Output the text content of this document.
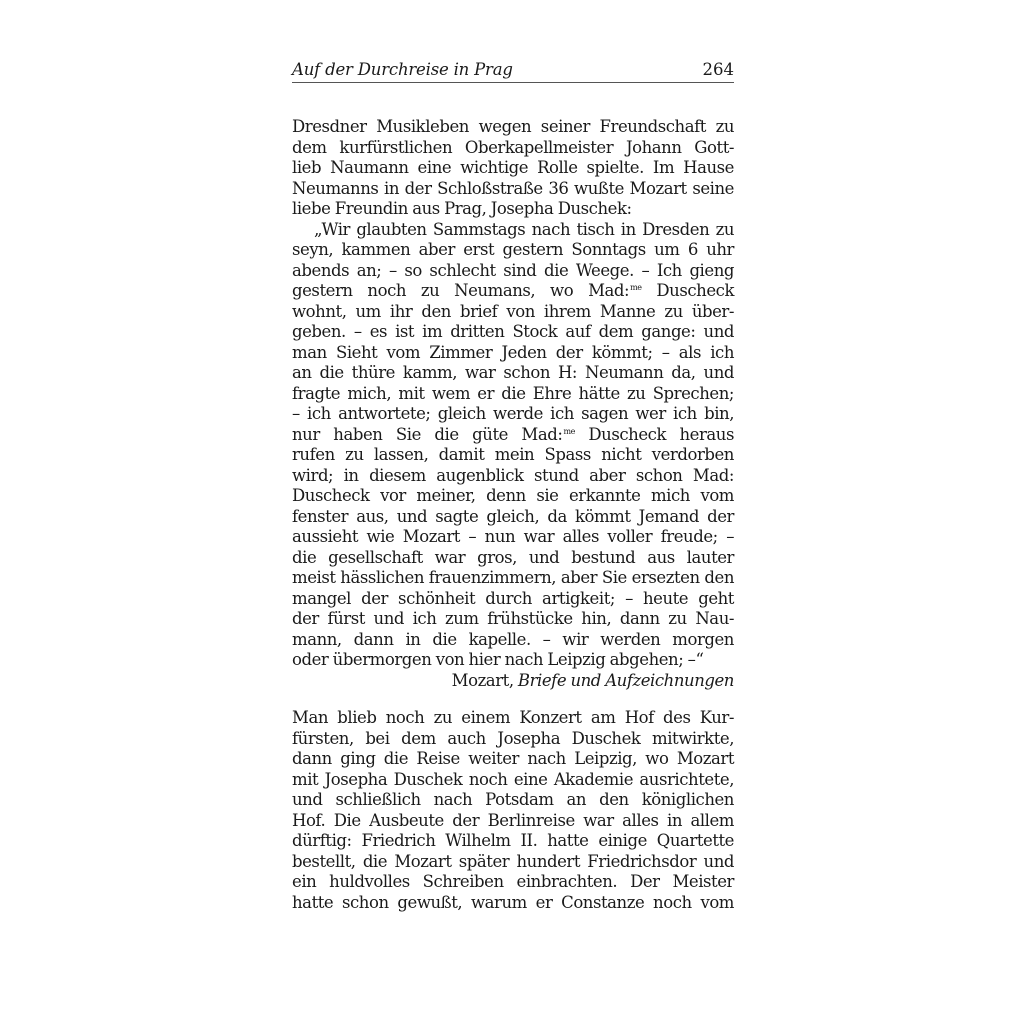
Auf der Durchreise in Prag	264
Dresdner Musikleben wegen seiner Freundschaft zu
dem kurfürstlichen Oberkapellmeister Johann Gott-
lieb Naumann eine wichtige Rolle spielte. Im Hause
Neumanns in der Schloßstraße 36 wußte Mozart seine
liebe Freundin aus Prag, Josepha Duschek:
„Wir glaubten Sammstags nach tisch in Dresden zu
seyn, kammen aber erst gestern Sonntags um 6 uhr
abends an; – so schlecht sind die Weege. – Ich gieng
gestern noch zu Neumans, wo Mad:$^{me}$ Duscheck
wohnt, um ihr den brief von ihrem Manne zu über-
geben. – es ist im dritten Stock auf dem gange: und
man Sieht vom Zimmer Jeden der kömmt; – als ich
an die thüre kamm, war schon H: Neumann da, und
fragte mich, mit wem er die Ehre hätte zu Sprechen;
– ich antwortete; gleich werde ich sagen wer ich bin,
nur haben Sie die güte Mad:$^{me}$ Duscheck heraus
rufen zu lassen, damit mein Spass nicht verdorben
wird; in diesem augenblick stund aber schon Mad:
Duscheck vor meiner, denn sie erkannte mich vom
fenster aus, und sagte gleich, da kömmt Jemand der
aussieht wie Mozart – nun war alles voller freude; –
die gesellschaft war gros, und bestund aus lauter
meist hässlichen frauenzimmern, aber Sie ersezten den
mangel der schönheit durch artigkeit; – heute geht
der fürst und ich zum frühstücke hin, dann zu Nau-
mann, dann in die kapelle. – wir werden morgen
oder übermorgen von hier nach Leipzig abgehen; –“
Mozart, Briefe und Aufzeichnungen
Man blieb noch zu einem Konzert am Hof des Kur-
fürsten, bei dem auch Josepha Duschek mitwirkte,
dann ging die Reise weiter nach Leipzig, wo Mozart
mit Josepha Duschek noch eine Akademie ausrichtete,
und schließlich nach Potsdam an den königlichen
Hof. Die Ausbeute der Berlinreise war alles in allem
dürftig: Friedrich Wilhelm II. hatte einige Quartette
bestellt, die Mozart später hundert Friedrichsdor und
ein huldvolles Schreiben einbrachten. Der Meister
hatte schon gewußt, warum er Constanze noch vom
